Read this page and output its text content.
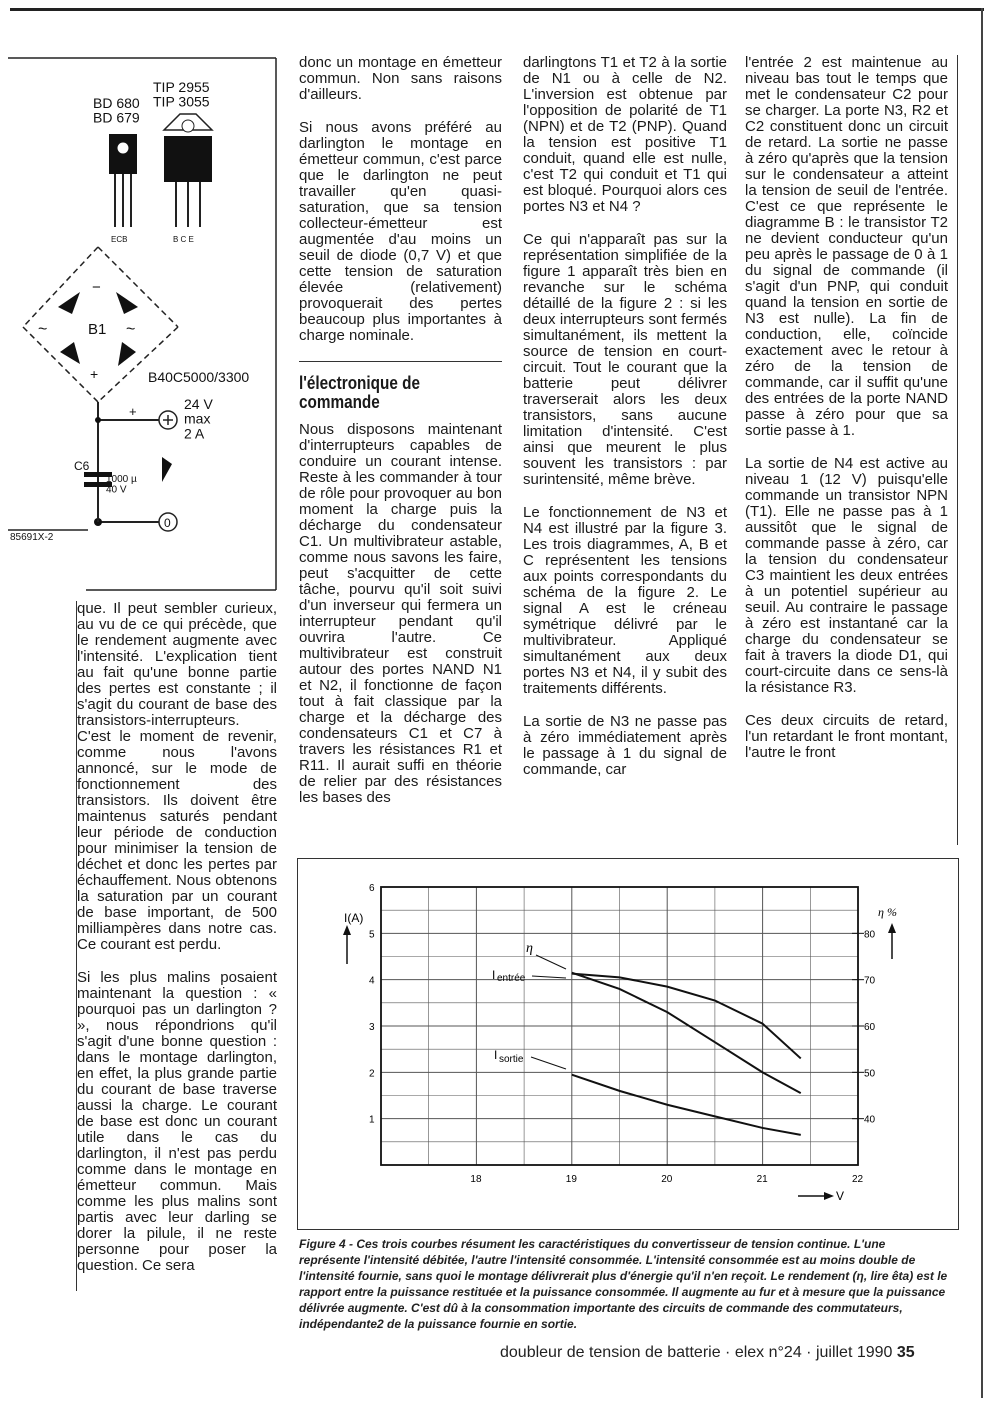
BD 680 BD 679
TIP 2955 TIP 3055
ECB	B C E
B1
−
+
~	~
B40C5000/3300
+	24 V max 2 A
C6
1000 µ 40 V
0
85691X-2

que. Il peut sembler curieux, au vu de ce qui précède, que le rendement augmente avec l'intensité. L'explication tient au fait qu'une bonne partie des pertes est constante ; il s'agit du courant de base des transistors-interrupteurs. C'est le moment de revenir, comme nous l'avons annoncé, sur le mode de fonctionnement des transistors. Ils doivent être maintenus saturés pendant leur période de conduction pour minimiser la tension de déchet et donc les pertes par échauffement. Nous obtenons la saturation par un courant de base important, de 500 milliampères dans notre cas. Ce courant est perdu.

Si les plus malins posaient maintenant la question : « pourquoi pas un darlington ? », nous répondrions qu'il s'agit d'une bonne question : dans le montage darlington, en effet, la plus grande partie du courant de base traverse aussi la charge. Le courant de base est donc un courant utile dans le cas du darlington, il n'est pas perdu comme dans le montage en émetteur commun. Mais comme les plus malins sont partis avec leur darling se dorer la pilule, il ne reste personne pour poser la question. Ce sera

donc un montage en émetteur commun. Non sans raisons d'ailleurs.

Si nous avons préféré au darlington le montage en émetteur commun, c'est parce que le darlington ne peut travailler qu'en quasi-saturation, que sa tension collecteur-émetteur est augmentée d'au moins un seuil de diode (0,7 V) et que cette tension de saturation élevée (relativement) provoquerait des pertes beaucoup plus importantes à charge nominale.

l'électronique de
commande

Nous disposons maintenant d'interrupteurs capables de conduire un courant intense. Reste à les commander à tour de rôle pour provoquer au bon moment la charge puis la décharge du condensateur C1. Un multivibrateur astable, comme nous savons les faire, peut s'acquitter de cette tâche, pourvu qu'il soit suivi d'un inverseur qui fermera un interrupteur pendant qu'il ouvrira l'autre. Ce multivibrateur est construit autour des portes NAND N1 et N2, il fonctionne de façon tout à fait classique par la charge et la décharge des condensateurs C1 et C7 à travers les résistances R1 et R11. Il aurait suffi en théorie de relier par des résistances les bases des

darlingtons T1 et T2 à la sortie de N1 ou à celle de N2. L'inversion est obtenue par l'opposition de polarité de T1 (NPN) et de T2 (PNP). Quand la tension est positive T1 conduit, quand elle est nulle, c'est T2 qui conduit et T1 qui est bloqué. Pourquoi alors ces portes N3 et N4 ?

Ce qui n'apparaît pas sur la représentation simplifiée de la figure 1 apparaît très bien en revanche sur le schéma détaillé de la figure 2 : si les deux interrupteurs sont fermés simultanément, ils mettent la source de tension en court-circuit. Tout le courant que la batterie peut délivrer traverserait alors les deux transistors, sans aucune limitation d'intensité. C'est ainsi que meurent le plus souvent les transistors : par surintensité, même brève.

Le fonctionnement de N3 et N4 est illustré par la figure 3. Les trois diagrammes, A, B et C représentent les tensions aux points correspondants du schéma de la figure 2. Le signal A est le créneau symétrique délivré par le multivibrateur. Appliqué simultanément aux deux portes N3 et N4, il y subit des traitements différents.

La sortie de N3 ne passe pas à zéro immédiatement après le passage à 1 du signal de commande, car

l'entrée 2 est maintenue au niveau bas tout le temps que met le condensateur C2 pour se charger. La porte N3, R2 et C2 constituent donc un circuit de retard. La sortie ne passe à zéro qu'après que la tension sur le condensateur a atteint la tension de seuil de l'entrée. C'est ce que représente le diagramme B : le transistor T2 ne devient conducteur qu'un peu après le passage de 0 à 1 du signal de commande (il s'agit d'un PNP, qui conduit quand la tension en sortie de N3 est nulle). La fin de conduction, elle, coïncide exactement avec le retour à zéro de la tension de commande, car il suffit qu'une des entrées de la porte NAND passe à zéro pour que sa sortie passe à 1.

La sortie de N4 est active au niveau 1 (12 V) puisqu'elle commande un transistor NPN (T1). Elle ne passe pas à 1 aussitôt que le signal de commande passe à zéro, car la tension du condensateur C3 maintient les deux entrées à un potentiel supérieur au seuil. Au contraire le passage à zéro est instantané car la charge du condensateur se fait à travers la diode D1, qui court-circuite dans ce sens-là la résistance R3.

Ces deux circuits de retard, l'un retardant le front montant, l'autre le front

18	19	20	21	22
1
2
3
4
5
6
40
50
60
70
80
I(A)	η %
V
η
I entrée
I sortie
Figure 4 - Ces trois courbes résument les caractéristiques du convertisseur de tension continue. L'une représente l'intensité débitée, l'autre l'intensité consommée. L'intensité consommée est au moins double de l'intensité fournie, sans quoi le montage délivrerait plus d'énergie qu'il n'en reçoit. Le rendement (η, lire êta) est le rapport entre la puissance restituée et la puissance consommée. Il augmente au fur et à mesure que la puissance délivrée augmente. C'est dû à la consommation importante des circuits de commande des commutateurs, indépendante2 de la puissance fournie en sortie.
doubleur de tension de batterie · elex n°24 · juillet 1990 35
